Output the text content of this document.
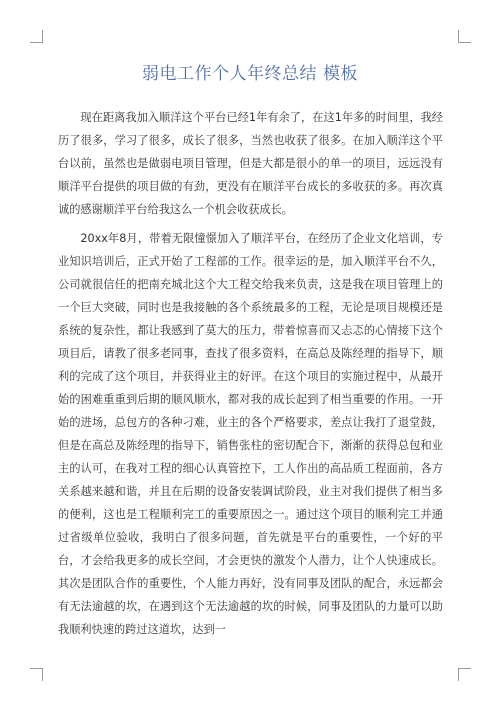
弱电工作个人年终总结 模板

现在距离我加入顺洋这个平台已经1年有余了，在这1年多的时间里，我经历了很多，学习了很多，成长了很多，当然也收获了很多。在加入顺洋这个平台以前，虽然也是做弱电项目管理，但是大都是很小的单一的项目，远远没有顺洋平台提供的项目做的有劲，更没有在顺洋平台成长的多收获的多。再次真诚的感谢顺洋平台给我这么一个机会收获成长。

20xx年8月，带着无限憧憬加入了顺洋平台，在经历了企业文化培训，专业知识培训后，正式开始了工程部的工作。很幸运的是，加入顺洋平台不久，公司就很信任的把南充城北这个大工程交给我来负责，这是我在项目管理上的一个巨大突破，同时也是我接触的各个系统最多的工程，无论是项目规模还是系统的复杂性，都让我感到了莫大的压力，带着惊喜而又忐忑的心情接下这个项目后，请教了很多老同事，查找了很多资料，在高总及陈经理的指导下，顺利的完成了这个项目，并获得业主的好评。在这个项目的实施过程中，从最开始的困难重重到后期的顺风顺水，都对我的成长起到了相当重要的作用。一开始的进场，总包方的各种刁难，业主的各个严格要求，差点让我打了退堂鼓，但是在高总及陈经理的指导下，销售张柱的密切配合下，渐渐的获得总包和业主的认可，在我对工程的细心认真管控下，工人作出的高品质工程面前，各方关系越来越和谐，并且在后期的设备安装调试阶段，业主对我们提供了相当多的便利，这也是工程顺利完工的重要原因之一。通过这个项目的顺利完工并通过省级单位验收，我明白了很多问题，首先就是平台的重要性，一个好的平台，才会给我更多的成长空间，才会更快的激发个人潜力，让个人快速成长。其次是团队合作的重要性，个人能力再好，没有同事及团队的配合，永远都会有无法逾越的坎，在遇到这个无法逾越的坎的时候，同事及团队的力量可以助我顺利快速的跨过这道坎，达到一
